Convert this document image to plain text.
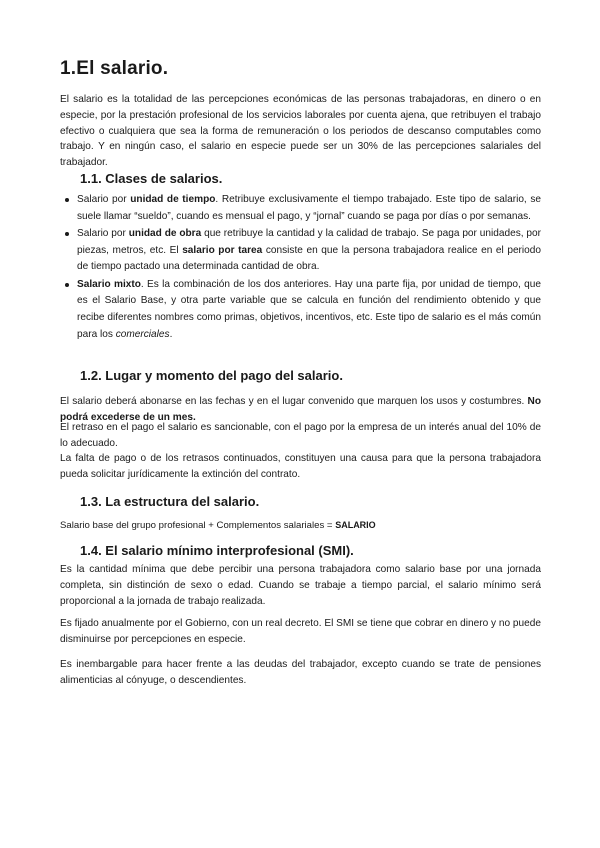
1.El salario.
El salario es la totalidad de las percepciones económicas de las personas trabajadoras, en dinero o en especie, por la prestación profesional de los servicios laborales por cuenta ajena, que retribuyen el trabajo efectivo o cualquiera que sea la forma de remuneración o los periodos de descanso computables como trabajo. Y en ningún caso, el salario en especie puede ser un 30% de las percepciones salariales del trabajador.
1.1. Clases de salarios.
Salario por unidad de tiempo. Retribuye exclusivamente el tiempo trabajado. Este tipo de salario, se suele llamar “sueldo”, cuando es mensual el pago, y “jornal” cuando se paga por días o por semanas.
Salario por unidad de obra que retribuye la cantidad y la calidad de trabajo. Se paga por unidades, por piezas, metros, etc. El salario por tarea consiste en que la persona trabajadora realice en el periodo de tiempo pactado una determinada cantidad de obra.
Salario mixto. Es la combinación de los dos anteriores. Hay una parte fija, por unidad de tiempo, que es el Salario Base, y otra parte variable que se calcula en función del rendimiento obtenido y que recibe diferentes nombres como primas, objetivos, incentivos, etc. Este tipo de salario es el más común para los comerciales.
1.2. Lugar y momento del pago del salario.
El salario deberá abonarse en las fechas y en el lugar convenido que marquen los usos y costumbres. No podrá excederse de un mes.
El retraso en el pago el salario es sancionable, con el pago por la empresa de un interés anual del 10% de lo adecuado.
La falta de pago o de los retrasos continuados, constituyen una causa para que la persona trabajadora pueda solicitar jurídicamente la extinción del contrato.
1.3. La estructura del salario.
Salario base del grupo profesional + Complementos salariales = SALARIO
1.4. El salario mínimo interprofesional (SMI).
Es la cantidad mínima que debe percibir una persona trabajadora como salario base por una jornada completa, sin distinción de sexo o edad. Cuando se trabaje a tiempo parcial, el salario mínimo será proporcional a la jornada de trabajo realizada.
Es fijado anualmente por el Gobierno, con un real decreto. El SMI se tiene que cobrar en dinero y no puede disminuirse por percepciones en especie.
Es inembargable para hacer frente a las deudas del trabajador, excepto cuando se trate de pensiones alimenticias al cónyuge, o descendientes.
